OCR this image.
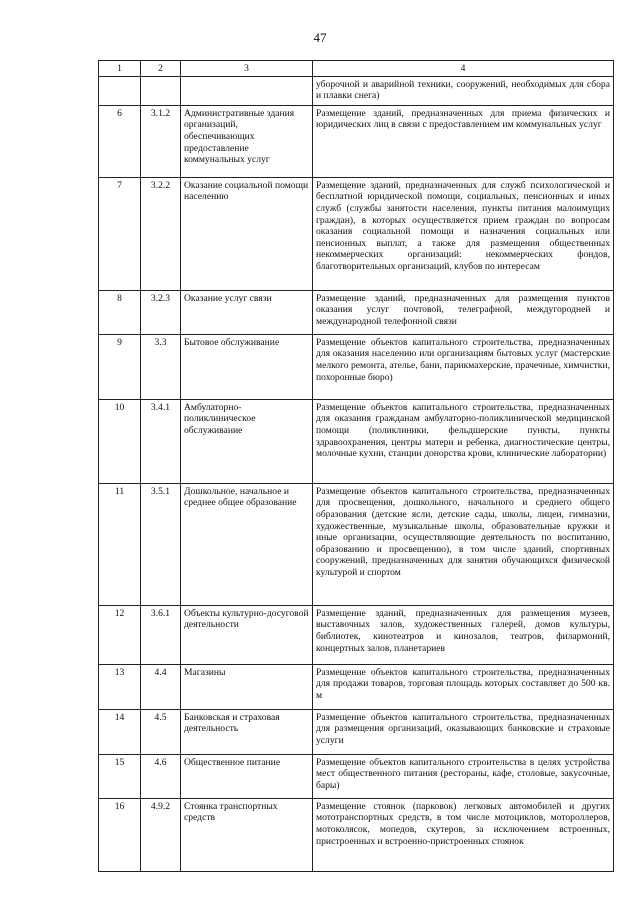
47
1	2	3	4
			уборочной и аварийной техники, сооружений, необходимых для сбора и плавки снега)
6	3.1.2	Административные здания организаций, обеспечивающих предоставление коммунальных услуг	Размещение зданий, предназначенных для приема физических и юридических лиц в связи с предоставлением им коммунальных услуг
7	3.2.2	Оказание социальной помощи населению	Размещение зданий, предназначенных для служб психологической и бесплатной юридической помощи, социальных, пенсионных и иных служб (службы занятости населения, пункты питания малоимущих граждан), в которых осуществляется прием граждан по вопросам оказания социальной помощи и назначения социальных или пенсионных выплат, а также для размещения общественных некоммерческих организаций: некоммерческих фондов, благотворительных организаций, клубов по интересам
8	3.2.3	Оказание услуг связи	Размещение зданий, предназначенных для размещения пунктов оказания услуг почтовой, телеграфной, междугородней и международной телефонной связи
9	3.3	Бытовое обслуживание	Размещение объектов капитального строительства, предназначенных для оказания населению или организациям бытовых услуг (мастерские мелкого ремонта, ателье, бани, парикмахерские, прачечные, химчистки, похоронные бюро)
10	3.4.1	Амбулаторно-поликлиническое обслуживание	Размещение объектов капитального строительства, предназначенных для оказания гражданам амбулаторно-поликлинической медицинской помощи (поликлиники, фельдшерские пункты, пункты здравоохранения, центры матери и ребенка, диагностические центры, молочные кухни, станции донорства крови, клинические лаборатории)
11	3.5.1	Дошкольное, начальное и среднее общее образование	Размещение объектов капитального строительства, предназначенных для просвещения, дошкольного, начального и среднего общего образования (детские ясли, детские сады, школы, лицеи, гимназии, художественные, музыкальные школы, образовательные кружки и иные организации, осуществляющие деятельность по воспитанию, образованию и просвещению), в том числе зданий, спортивных сооружений, предназначенных для занятия обучающихся физической культурой и спортом
12	3.6.1	Объекты культурно-досуговой деятельности	Размещение зданий, предназначенных для размещения музеев, выставочных залов, художественных галерей, домов культуры, библиотек, кинотеатров и кинозалов, театров, филармоний, концертных залов, планетариев
13	4.4	Магазины	Размещение объектов капитального строительства, предназначенных для продажи товаров, торговая площадь которых составляет до 500 кв. м
14	4.5	Банковская и страховая деятельность	Размещение объектов капитального строительства, предназначенных для размещения организаций, оказывающих банковские и страховые услуги
15	4.6	Общественное питание	Размещение объектов капитального строительства в целях устройства мест общественного питания (рестораны, кафе, столовые, закусочные, бары)
16	4.9.2	Стоянка транспортных средств	Размещение стоянок (парковок) легковых автомобилей и других мототранспортных средств, в том числе мотоциклов, мотороллеров, мотоколясок, мопедов, скутеров, за исключением встроенных, пристроенных и встроенно-пристроенных стоянок
